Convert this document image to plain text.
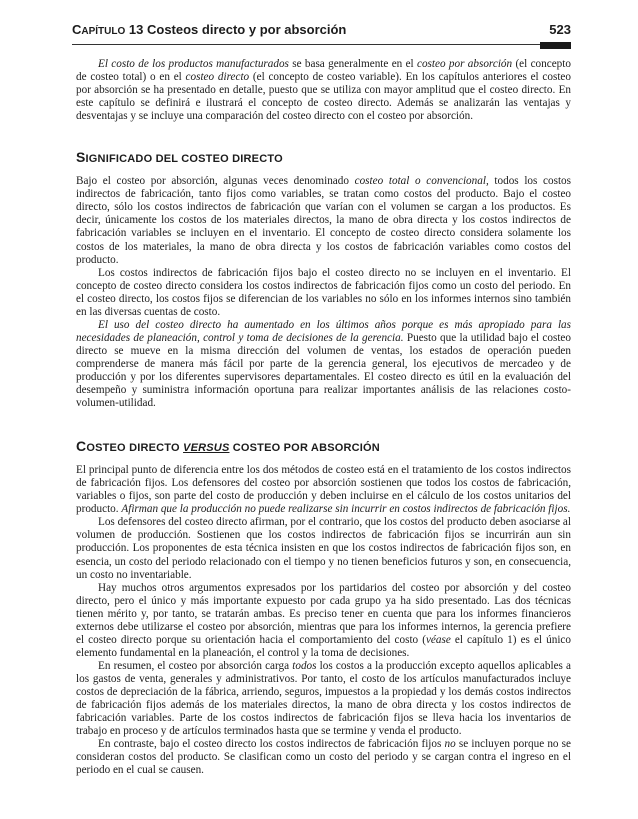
CAPÍTULO 13 Costeos directo y por absorción	523

El costo de los productos manufacturados se basa generalmente en el costeo por absorción (el concepto de costeo total) o en el costeo directo (el concepto de costeo variable). En los capítulos anteriores el costeo por absorción se ha presentado en detalle, puesto que se utiliza con mayor amplitud que el costeo directo. En este capítulo se definirá e ilustrará el concepto de costeo directo. Además se analizarán las ventajas y desventajas y se incluye una comparación del costeo directo con el costeo por absorción.

SIGNIFICADO DEL COSTEO DIRECTO

Bajo el costeo por absorción, algunas veces denominado costeo total o convencional, todos los costos indirectos de fabricación, tanto fijos como variables, se tratan como costos del producto. Bajo el costeo directo, sólo los costos indirectos de fabricación que varían con el volumen se cargan a los productos. Es decir, únicamente los costos de los materiales directos, la mano de obra directa y los costos indirectos de fabricación variables se incluyen en el inventario. El concepto de costeo directo considera solamente los costos de los materiales, la mano de obra directa y los costos de fabricación variables como costos del producto.

Los costos indirectos de fabricación fijos bajo el costeo directo no se incluyen en el inventario. El concepto de costeo directo considera los costos indirectos de fabricación fijos como un costo del periodo. En el costeo directo, los costos fijos se diferencian de los variables no sólo en los informes internos sino también en las diversas cuentas de costo.

El uso del costeo directo ha aumentado en los últimos años porque es más apropiado para las necesidades de planeación, control y toma de decisiones de la gerencia. Puesto que la utilidad bajo el costeo directo se mueve en la misma dirección del volumen de ventas, los estados de operación pueden comprenderse de manera más fácil por parte de la gerencia general, los ejecutivos de mercadeo y de producción y por los diferentes supervisores departamentales. El costeo directo es útil en la evaluación del desempeño y suministra información oportuna para realizar importantes análisis de las relaciones costo-volumen-utilidad.

COSTEO DIRECTO VERSUS COSTEO POR ABSORCIÓN

El principal punto de diferencia entre los dos métodos de costeo está en el tratamiento de los costos indirectos de fabricación fijos. Los defensores del costeo por absorción sostienen que todos los costos de fabricación, variables o fijos, son parte del costo de producción y deben incluirse en el cálculo de los costos unitarios del producto. Afirman que la producción no puede realizarse sin incurrir en costos indirectos de fabricación fijos.

Los defensores del costeo directo afirman, por el contrario, que los costos del producto deben asociarse al volumen de producción. Sostienen que los costos indirectos de fabricación fijos se incurrirán aun sin producción. Los proponentes de esta técnica insisten en que los costos indirectos de fabricación fijos son, en esencia, un costo del periodo relacionado con el tiempo y no tienen beneficios futuros y son, en consecuencia, un costo no inventariable.

Hay muchos otros argumentos expresados por los partidarios del costeo por absorción y del costeo directo, pero el único y más importante expuesto por cada grupo ya ha sido presentado. Las dos técnicas tienen mérito y, por tanto, se tratarán ambas. Es preciso tener en cuenta que para los informes financieros externos debe utilizarse el costeo por absorción, mientras que para los informes internos, la gerencia prefiere el costeo directo porque su orientación hacia el comportamiento del costo (véase el capítulo 1) es el único elemento fundamental en la planeación, el control y la toma de decisiones.

En resumen, el costeo por absorción carga todos los costos a la producción excepto aquellos aplicables a los gastos de venta, generales y administrativos. Por tanto, el costo de los artículos manufacturados incluye costos de depreciación de la fábrica, arriendo, seguros, impuestos a la propiedad y los demás costos indirectos de fabricación fijos además de los materiales directos, la mano de obra directa y los costos indirectos de fabricación variables. Parte de los costos indirectos de fabricación fijos se lleva hacia los inventarios de trabajo en proceso y de artículos terminados hasta que se termine y venda el producto.

En contraste, bajo el costeo directo los costos indirectos de fabricación fijos no se incluyen porque no se consideran costos del producto. Se clasifican como un costo del periodo y se cargan contra el ingreso en el periodo en el cual se causen.
